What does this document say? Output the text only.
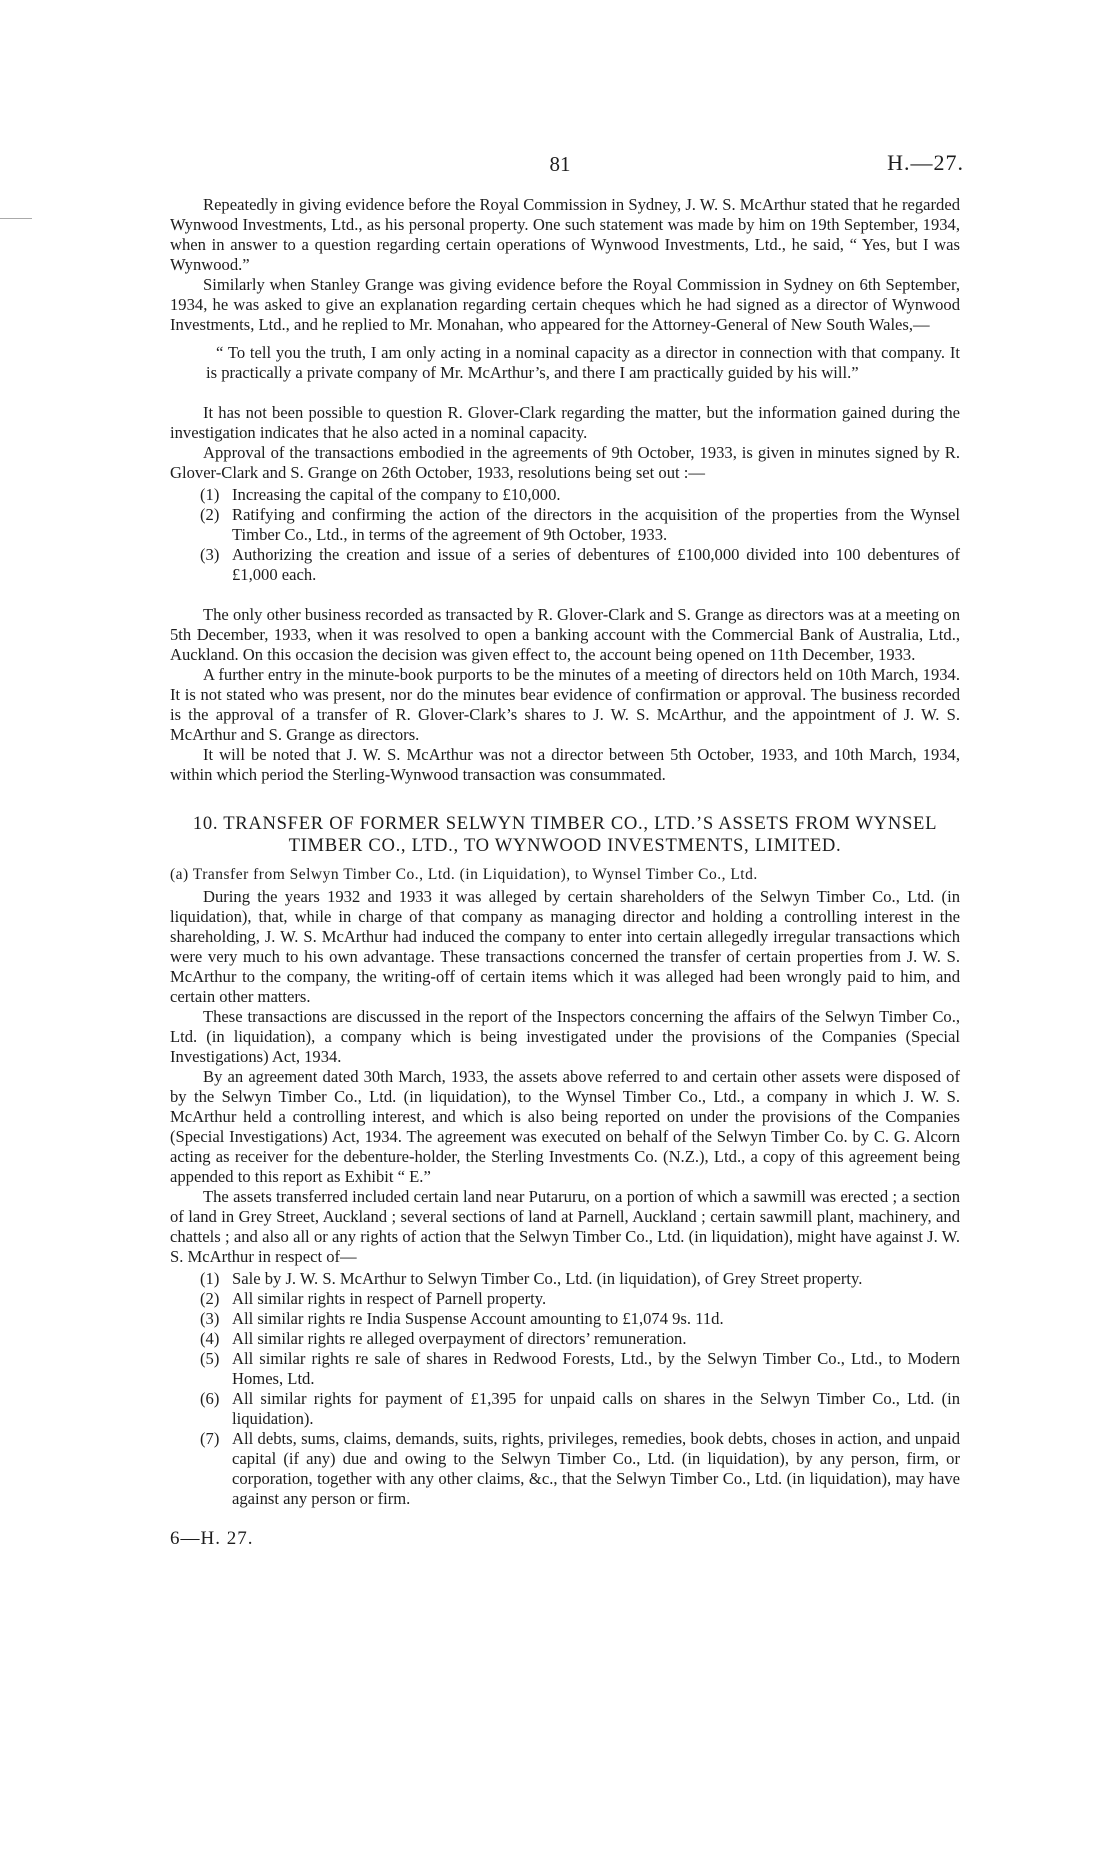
81	H.—27.

Repeatedly in giving evidence before the Royal Commission in Sydney, J. W. S. McArthur stated that he regarded Wynwood Investments, Ltd., as his personal property. One such statement was made by him on 19th September, 1934, when in answer to a question regarding certain operations of Wynwood Investments, Ltd., he said, “ Yes, but I was Wynwood.”

Similarly when Stanley Grange was giving evidence before the Royal Commission in Sydney on 6th September, 1934, he was asked to give an explanation regarding certain cheques which he had signed as a director of Wynwood Investments, Ltd., and he replied to Mr. Monahan, who appeared for the Attorney-General of New South Wales,—

“ To tell you the truth, I am only acting in a nominal capacity as a director in connection with that company. It is practically a private company of Mr. McArthur’s, and there I am practically guided by his will.”

It has not been possible to question R. Glover-Clark regarding the matter, but the information gained during the investigation indicates that he also acted in a nominal capacity.

Approval of the transactions embodied in the agreements of 9th October, 1933, is given in minutes signed by R. Glover-Clark and S. Grange on 26th October, 1933, resolutions being set out :—

(1) Increasing the capital of the company to £10,000.
(2) Ratifying and confirming the action of the directors in the acquisition of the properties from the Wynsel Timber Co., Ltd., in terms of the agreement of 9th October, 1933.
(3) Authorizing the creation and issue of a series of debentures of £100,000 divided into 100 debentures of £1,000 each.

The only other business recorded as transacted by R. Glover-Clark and S. Grange as directors was at a meeting on 5th December, 1933, when it was resolved to open a banking account with the Commercial Bank of Australia, Ltd., Auckland. On this occasion the decision was given effect to, the account being opened on 11th December, 1933.

A further entry in the minute-book purports to be the minutes of a meeting of directors held on 10th March, 1934. It is not stated who was present, nor do the minutes bear evidence of confirmation or approval. The business recorded is the approval of a transfer of R. Glover-Clark’s shares to J. W. S. McArthur, and the appointment of J. W. S. McArthur and S. Grange as directors.

It will be noted that J. W. S. McArthur was not a director between 5th October, 1933, and 10th March, 1934, within which period the Sterling-Wynwood transaction was consummated.

10. TRANSFER OF FORMER SELWYN TIMBER CO., LTD.’S ASSETS FROM WYNSEL
TIMBER CO., LTD., TO WYNWOOD INVESTMENTS, LIMITED.

(a) Transfer from Selwyn Timber Co., Ltd. (in Liquidation), to Wynsel Timber Co., Ltd.

During the years 1932 and 1933 it was alleged by certain shareholders of the Selwyn Timber Co., Ltd. (in liquidation), that, while in charge of that company as managing director and holding a controlling interest in the shareholding, J. W. S. McArthur had induced the company to enter into certain allegedly irregular transactions which were very much to his own advantage. These transactions concerned the transfer of certain properties from J. W. S. McArthur to the company, the writing-off of certain items which it was alleged had been wrongly paid to him, and certain other matters.

These transactions are discussed in the report of the Inspectors concerning the affairs of the Selwyn Timber Co., Ltd. (in liquidation), a company which is being investigated under the provisions of the Companies (Special Investigations) Act, 1934.

By an agreement dated 30th March, 1933, the assets above referred to and certain other assets were disposed of by the Selwyn Timber Co., Ltd. (in liquidation), to the Wynsel Timber Co., Ltd., a company in which J. W. S. McArthur held a controlling interest, and which is also being reported on under the provisions of the Companies (Special Investigations) Act, 1934. The agreement was executed on behalf of the Selwyn Timber Co. by C. G. Alcorn acting as receiver for the debenture-holder, the Sterling Investments Co. (N.Z.), Ltd., a copy of this agreement being appended to this report as Exhibit “ E.”

The assets transferred included certain land near Putaruru, on a portion of which a sawmill was erected ; a section of land in Grey Street, Auckland ; several sections of land at Parnell, Auckland ; certain sawmill plant, machinery, and chattels ; and also all or any rights of action that the Selwyn Timber Co., Ltd. (in liquidation), might have against J. W. S. McArthur in respect of—

(1) Sale by J. W. S. McArthur to Selwyn Timber Co., Ltd. (in liquidation), of Grey Street property.
(2) All similar rights in respect of Parnell property.
(3) All similar rights re India Suspense Account amounting to £1,074 9s. 11d.
(4) All similar rights re alleged overpayment of directors’ remuneration.
(5) All similar rights re sale of shares in Redwood Forests, Ltd., by the Selwyn Timber Co., Ltd., to Modern Homes, Ltd.
(6) All similar rights for payment of £1,395 for unpaid calls on shares in the Selwyn Timber Co., Ltd. (in liquidation).
(7) All debts, sums, claims, demands, suits, rights, privileges, remedies, book debts, choses in action, and unpaid capital (if any) due and owing to the Selwyn Timber Co., Ltd. (in liquidation), by any person, firm, or corporation, together with any other claims, &c., that the Selwyn Timber Co., Ltd. (in liquidation), may have against any person or firm.
6—H. 27.
